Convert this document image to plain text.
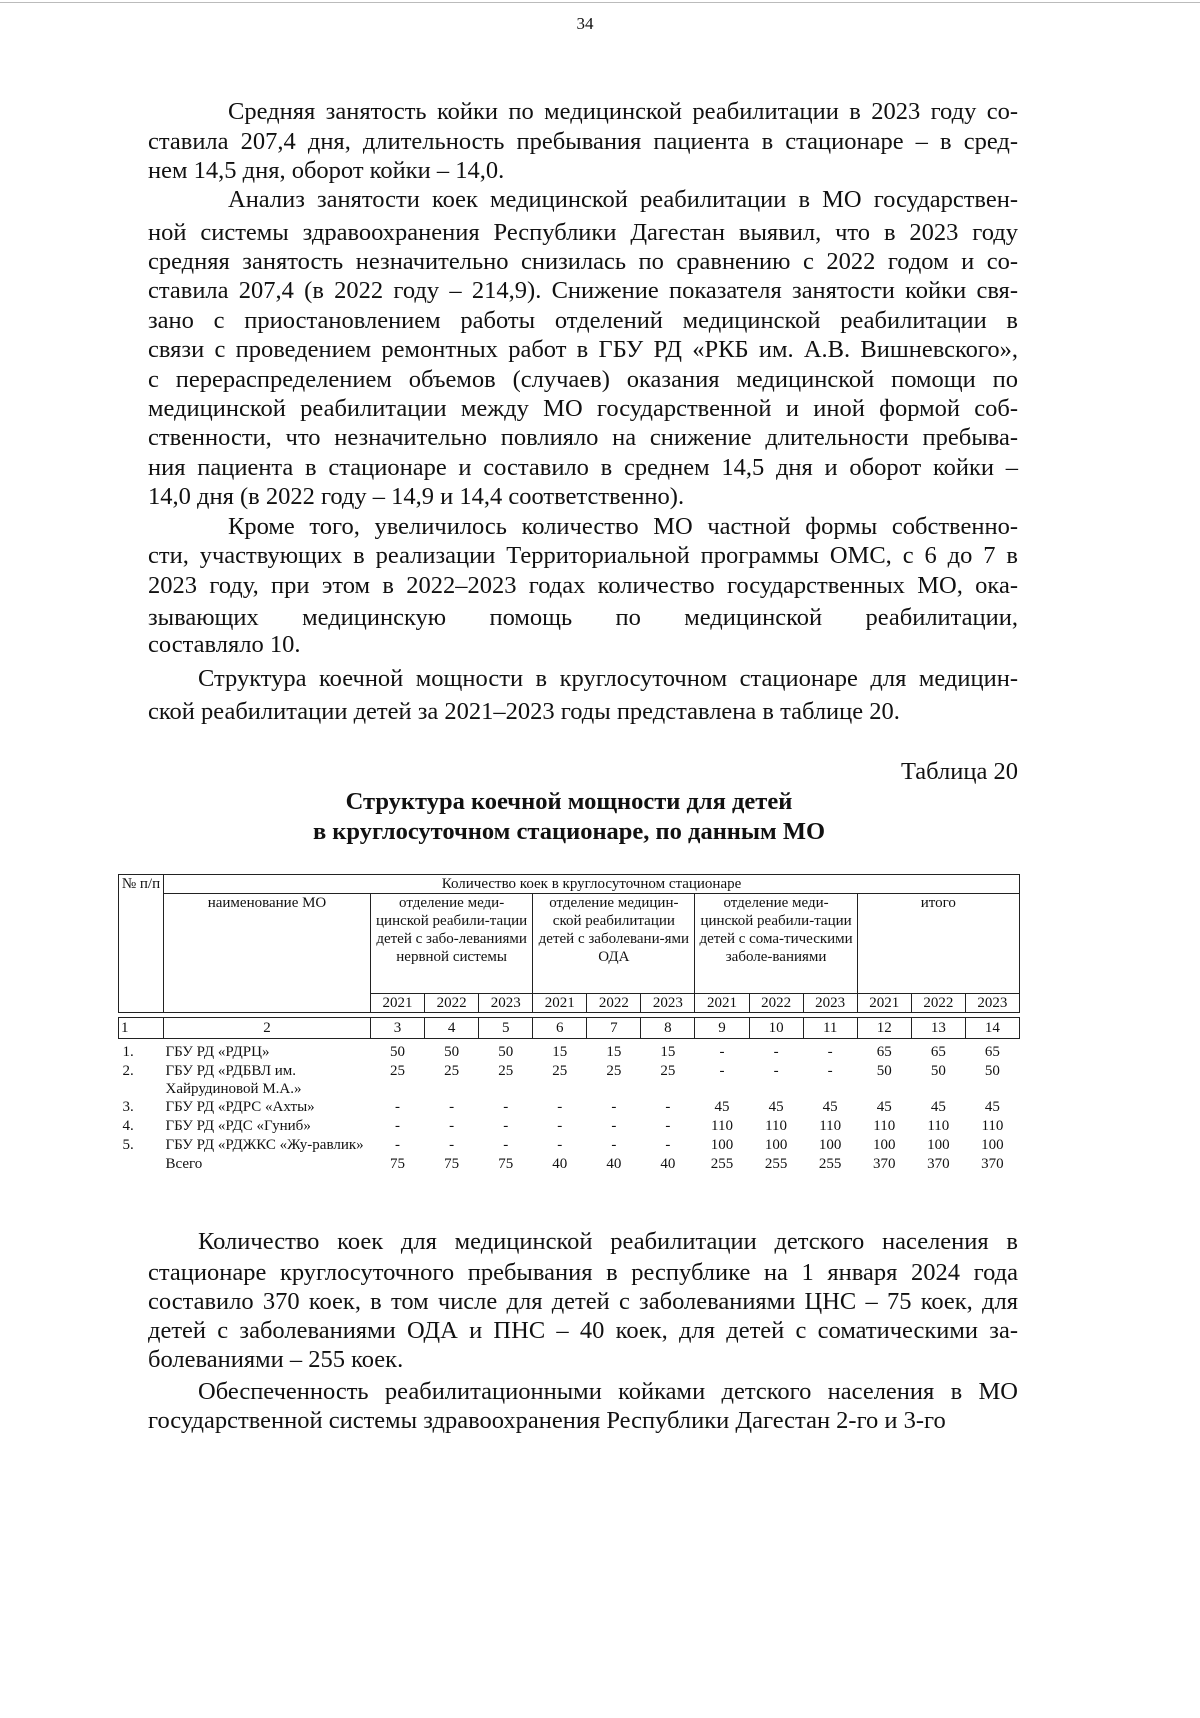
34
Средняя занятость койки по медицинской реабилитации в 2023 году со-
ставила 207,4 дня, длительность пребывания пациента в стационаре – в сред-
нем 14,5 дня, оборот койки – 14,0.
Анализ занятости коек медицинской реабилитации в МО государствен-
ной системы здравоохранения Республики Дагестан выявил, что в 2023 году
средняя занятость незначительно снизилась по сравнению с 2022 годом и со-
ставила 207,4 (в 2022 году – 214,9). Снижение показателя занятости койки свя-
зано с приостановлением работы отделений медицинской реабилитации в
связи с проведением ремонтных работ в ГБУ РД «РКБ им. А.В. Вишневского»,
с перераспределением объемов (случаев) оказания медицинской помощи по
медицинской реабилитации между МО государственной и иной формой соб-
ственности, что незначительно повлияло на снижение длительности пребыва-
ния пациента в стационаре и составило в среднем 14,5 дня и оборот койки –
14,0 дня (в 2022 году – 14,9 и 14,4 соответственно).
Кроме того, увеличилось количество МО частной формы собственно-
сти, участвующих в реализации Территориальной программы ОМС, с 6 до 7 в
2023 году, при этом в 2022–2023 годах количество государственных МО, ока-
зывающих медицинскую помощь по медицинской реабилитации,
составляло 10.
Структура коечной мощности в круглосуточном стационаре для медицин-
ской реабилитации детей за 2021–2023 годы представлена в таблице 20.
Таблица 20
Структура коечной мощности для детей
в круглосуточном стационаре, по данным МО
№ п/п	Количество коек в круглосуточном стационаре												
	наименование МО	отделение меди-цинской реабили-тации детей с забо-леваниями нервной системы			отделение медицин-ской реабилитации детей с заболевани-ями ОДА			отделение меди-цинской реабили-тации детей с сома-тическими заболе-ваниями			итого		
		2021	2022	2023	2021	2022	2023	2021	2022	2023	2021	2022	2023

1	2	3	4	5	6	7	8	9	10	11	12	13	14

1.	ГБУ РД «РДРЦ»	50	50	50	15	15	15	-	-	-	65	65	65
2.	ГБУ РД «РДБВЛ им. Хайрудиновой М.А.»	25	25	25	25	25	25	-	-	-	50	50	50
3.	ГБУ РД «РДРС «Ахты»	-	-	-	-	-	-	45	45	45	45	45	45
4.	ГБУ РД «РДС «Гуниб»	-	-	-	-	-	-	110	110	110	110	110	110
5.	ГБУ РД «РДЖКС «Жу-равлик»	-	-	-	-	-	-	100	100	100	100	100	100
	Всего	75	75	75	40	40	40	255	255	255	370	370	370
Количество коек для медицинской реабилитации детского населения в
стационаре круглосуточного пребывания в республике на 1 января 2024 года
составило 370 коек, в том числе для детей с заболеваниями ЦНС – 75 коек, для
детей с заболеваниями ОДА и ПНС – 40 коек, для детей с соматическими за-
болеваниями – 255 коек.
Обеспеченность реабилитационными койками детского населения в МО
государственной системы здравоохранения Республики Дагестан 2-го и 3-го
